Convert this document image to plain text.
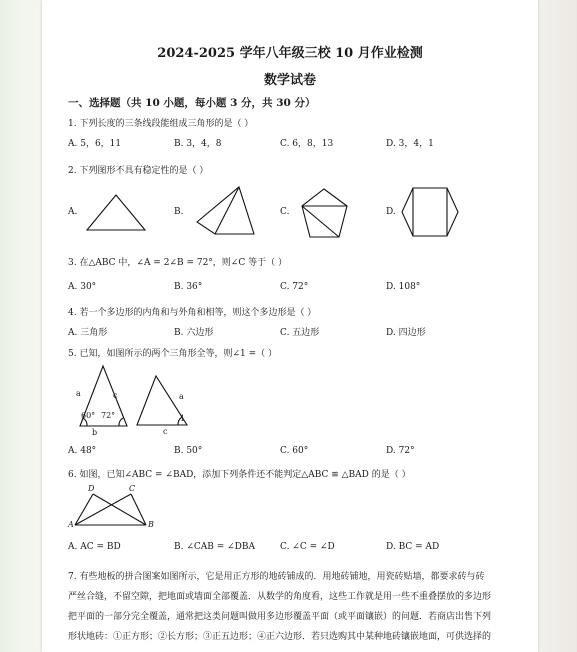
2024-2025 学年八年级三校 10 月作业检测
数学试卷
一、选择题（共 10 小题，每小题 3 分，共 30 分）
1. 下列长度的三条线段能组成三角形的是（ ）
A. 5，6，11	B. 3，4，8	C. 6，8，13	D. 3，4，1
2. 下列图形不具有稳定性的是（ ）
A.	B.	C.	D.
3. 在△ABC 中，∠A = 2∠B = 72°，则∠C 等于（ ）
A. 30°	B. 36°	C. 72°	D. 108°
4. 若一个多边形的内角和与外角和相等，则这个多边形是（ ）
A. 三角形	B. 六边形	C. 五边形	D. 四边形
5. 已知，如图所示的两个三角形全等，则∠1 =（ ）
a	c
60° 72°
b
a
c
1
A. 48°	B. 50°	C. 60°	D. 72°
6. 如图，已知∠ABC = ∠BAD，添加下列条件还不能判定△ABC ≌ △BAD 的是（ ）
D	C
A	B
A. AC = BD	B. ∠CAB = ∠DBA	C. ∠C = ∠D	D. BC = AD
7. 有些地板的拼合图案如图所示，它是用正方形的地砖铺成的．用地砖铺地，用瓷砖贴墙，都要求砖与砖
严丝合缝，不留空隙，把地面或墙面全部覆盖．从数学的角度看，这些工作就是用一些不重叠摆放的多边形
把平面的一部分完全覆盖，通常把这类问题叫做用多边形覆盖平面（或平面镶嵌）的问题．若商店出售下列
形状地砖：①正方形；②长方形；③正五边形；④正六边形．若只选购其中某种地砖镶嵌地面，可供选择的
